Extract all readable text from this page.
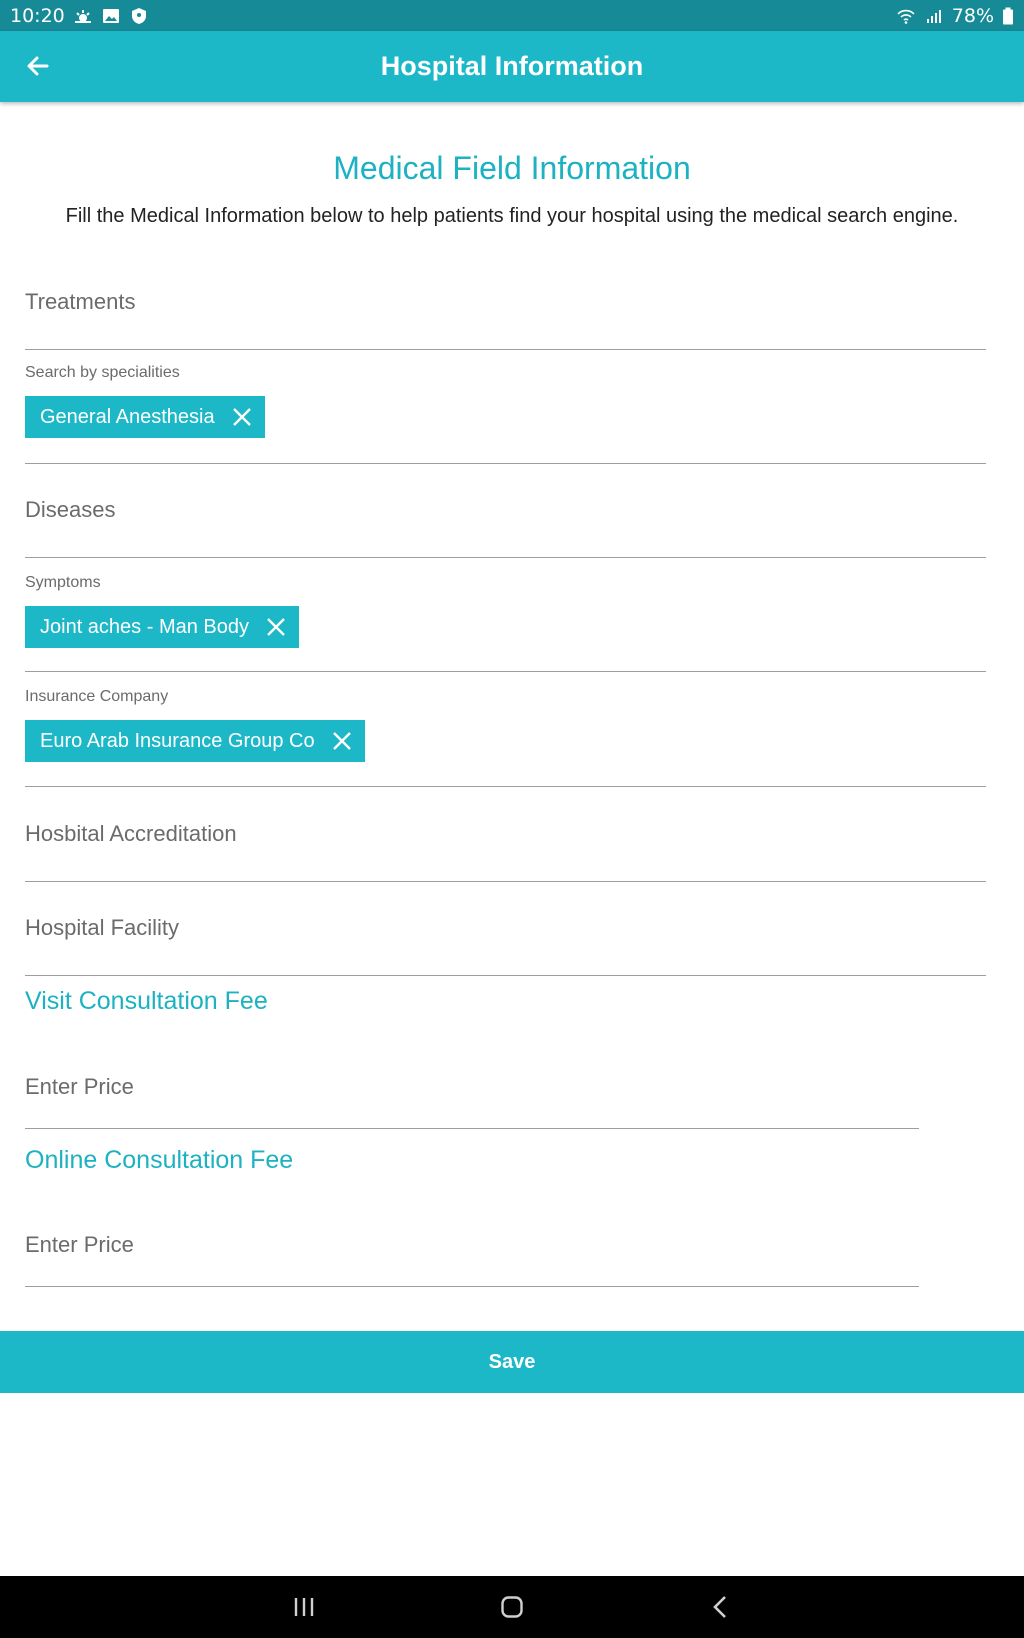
10:20	78%
Hospital Information
Medical Field Information
Fill the Medical Information below to help patients find your hospital using the medical search engine.
Treatments
Search by specialities
General Anesthesia
Diseases
Symptoms
Joint aches - Man Body
Insurance Company
Euro Arab Insurance Group Co
Hosbital Accreditation
Hospital Facility
Visit Consultation Fee
Enter Price
Online Consultation Fee
Enter Price
Save
